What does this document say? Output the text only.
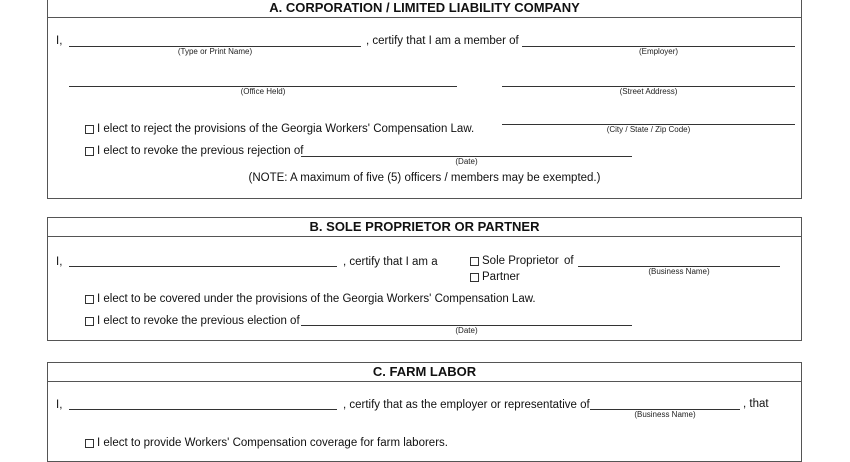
A. CORPORATION / LIMITED LIABILITY COMPANY
I,
(Type or Print Name)
, certify that I am a member of
(Employer)
(Office Held)	(Street Address)
I elect to reject the provisions of the Georgia Workers' Compensation Law.	(City / State / Zip Code)
I elect to revoke the previous rejection of
(Date)
(NOTE: A maximum of five (5) officers / members may be exempted.)
B. SOLE PROPRIETOR OR PARTNER
I,	, certify that I am a	Sole Proprietor of
(Business Name)
Partner
I elect to be covered under the provisions of the Georgia Workers' Compensation Law.
I elect to revoke the previous election of
(Date)
C. FARM LABOR
I,	, certify that as the employer or representative of
(Business Name)
, that
I elect to provide Workers' Compensation coverage for farm laborers.
